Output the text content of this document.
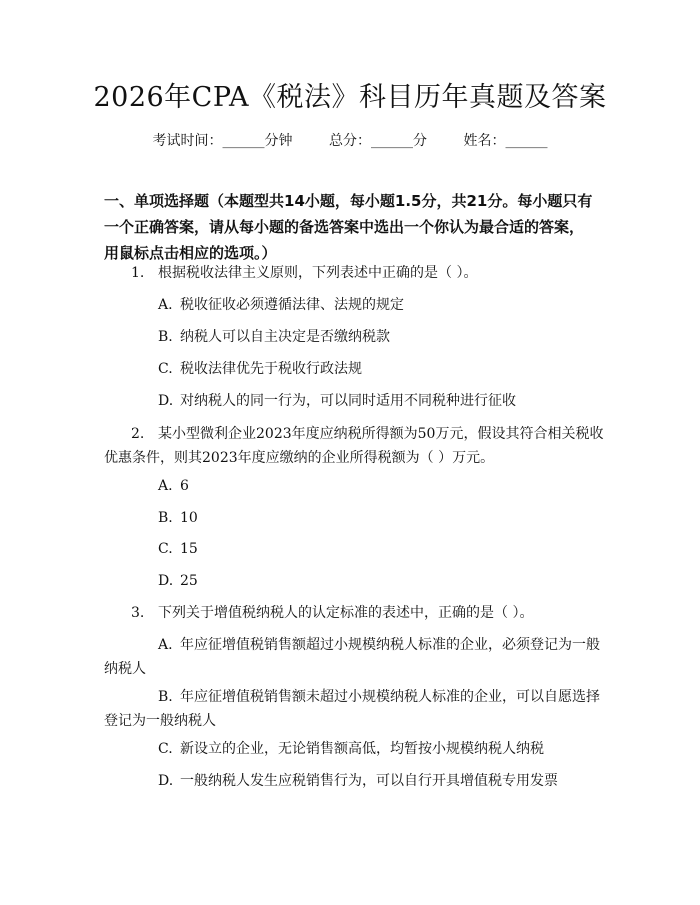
2026年CPA《税法》科目历年真题及答案
考试时间：______分钟	总分：______分	姓名：______
一、单项选择题（本题型共14小题，每小题1.5分，共21分。每小题只有一个正确答案，请从每小题的备选答案中选出一个你认为最合适的答案，用鼠标点击相应的选项。）
1. 根据税收法律主义原则，下列表述中正确的是（ ）。
A. 税收征收必须遵循法律、法规的规定
B. 纳税人可以自主决定是否缴纳税款
C. 税收法律优先于税收行政法规
D. 对纳税人的同一行为，可以同时适用不同税种进行征收
2. 某小型微利企业2023年度应纳税所得额为50万元，假设其符合相关税收
优惠条件，则其2023年度应缴纳的企业所得税额为（ ）万元。
A. 6
B. 10
C. 15
D. 25
3. 下列关于增值税纳税人的认定标准的表述中，正确的是（ ）。
A. 年应征增值税销售额超过小规模纳税人标准的企业，必须登记为一般
纳税人
B. 年应征增值税销售额未超过小规模纳税人标准的企业，可以自愿选择
登记为一般纳税人
C. 新设立的企业，无论销售额高低，均暂按小规模纳税人纳税
D. 一般纳税人发生应税销售行为，可以自行开具增值税专用发票
